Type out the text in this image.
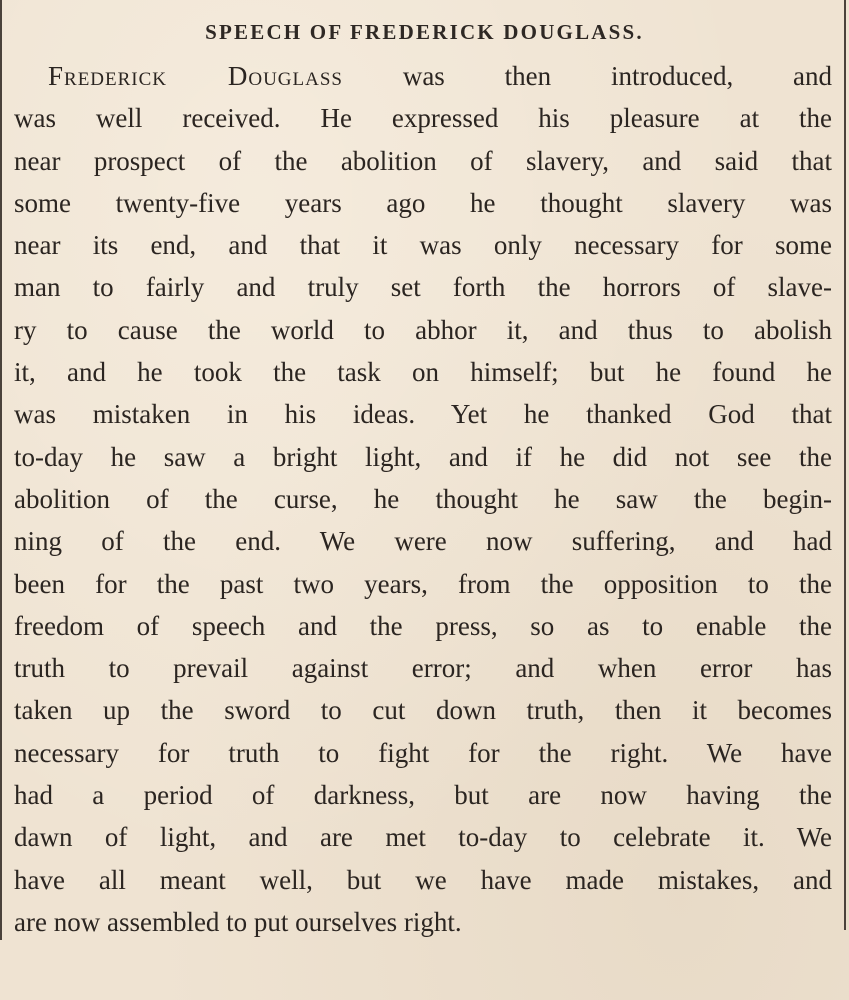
SPEECH OF FREDERICK DOUGLASS.
Frederick Douglass was then introduced, and
was well received. He expressed his pleasure at the
near prospect of the abolition of slavery, and said that
some twenty-five years ago he thought slavery was
near its end, and that it was only necessary for some
man to fairly and truly set forth the horrors of slave-
ry to cause the world to abhor it, and thus to abolish
it, and he took the task on himself; but he found he
was mistaken in his ideas. Yet he thanked God that
to-day he saw a bright light, and if he did not see the
abolition of the curse, he thought he saw the begin-
ning of the end. We were now suffering, and had
been for the past two years, from the opposition to the
freedom of speech and the press, so as to enable the
truth to prevail against error; and when error has
taken up the sword to cut down truth, then it becomes
necessary for truth to fight for the right. We have
had a period of darkness, but are now having the
dawn of light, and are met to-day to celebrate it. We
have all meant well, but we have made mistakes, and
are now assembled to put ourselves right.
